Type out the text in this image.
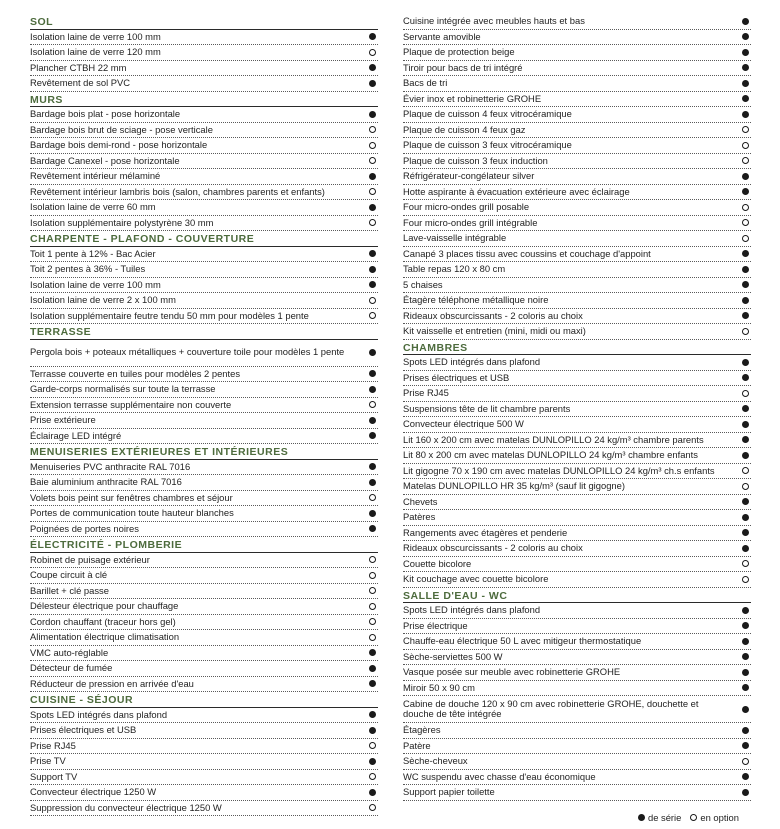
SOL
Isolation laine de verre 100 mm
Isolation laine de verre 120 mm
Plancher CTBH 22 mm
Revêtement de sol PVC
MURS
Bardage bois plat - pose horizontale
Bardage bois brut de sciage - pose verticale
Bardage bois demi-rond - pose horizontale
Bardage Canexel - pose horizontale
Revêtement intérieur mélaminé
Revêtement intérieur lambris bois (salon, chambres parents et enfants)
Isolation laine de verre 60 mm
Isolation supplémentaire polystyrène 30 mm
CHARPENTE - PLAFOND - COUVERTURE
Toit 1 pente à 12% - Bac Acier
Toit 2 pentes à 36% - Tuiles
Isolation laine de verre 100 mm
Isolation laine de verre 2 x 100 mm
Isolation supplémentaire feutre tendu 50 mm pour modèles 1 pente
TERRASSE
Pergola bois + poteaux métalliques + couverture toile pour modèles 1 pente
Terrasse couverte en tuiles pour modèles 2 pentes
Garde-corps normalisés sur toute la terrasse
Extension terrasse supplémentaire non couverte
Prise extérieure
Éclairage LED intégré
MENUISERIES EXTÉRIEURES ET INTÉRIEURES
Menuiseries PVC anthracite RAL 7016
Baie aluminium anthracite RAL 7016
Volets bois peint sur fenêtres chambres et séjour
Portes de communication toute hauteur blanches
Poignées de portes noires
ÉLECTRICITÉ - PLOMBERIE
Robinet de puisage extérieur
Coupe circuit à clé
Barillet + clé passe
Délesteur électrique pour chauffage
Cordon chauffant (traceur hors gel)
Alimentation électrique climatisation
VMC auto-réglable
Détecteur de fumée
Réducteur de pression en arrivée d'eau
CUISINE - SÉJOUR
Spots LED intégrés dans plafond
Prises électriques et USB
Prise RJ45
Prise TV
Support TV
Convecteur électrique 1250 W
Suppression du convecteur électrique 1250 W
Cuisine intégrée avec meubles hauts et bas
Servante amovible
Plaque de protection beige
Tiroir pour bacs de tri intégré
Bacs de tri
Évier inox et robinetterie GROHE
Plaque de cuisson 4 feux vitrocéramique
Plaque de cuisson 4 feux gaz
Plaque de cuisson 3 feux vitrocéramique
Plaque de cuisson 3 feux induction
Réfrigérateur-congélateur silver
Hotte aspirante à évacuation extérieure avec éclairage
Four micro-ondes grill posable
Four micro-ondes grill intégrable
Lave-vaisselle intégrable
Canapé 3 places tissu avec coussins et couchage d'appoint
Table repas 120 x 80 cm
5 chaises
Étagère téléphone métallique noire
Rideaux obscurcissants - 2 coloris au choix
Kit vaisselle et entretien (mini, midi ou maxi)
CHAMBRES
Spots LED intégrés dans plafond
Prises électriques et USB
Prise RJ45
Suspensions tête de lit chambre parents
Convecteur électrique 500 W
Lit 160 x 200 cm avec matelas DUNLOPILLO 24 kg/m³ chambre parents
Lit 80 x 200 cm avec matelas DUNLOPILLO 24 kg/m³ chambre enfants
Lit gigogne 70 x 190 cm avec matelas DUNLOPILLO 24 kg/m³ ch.s enfants
Matelas DUNLOPILLO HR 35 kg/m³ (sauf lit gigogne)
Chevets
Patères
Rangements avec étagères et penderie
Rideaux obscurcissants - 2 coloris au choix
Couette bicolore
Kit couchage avec couette bicolore
SALLE D'EAU - WC
Spots LED intégrés dans plafond
Prise électrique
Chauffe-eau électrique 50 L avec mitigeur thermostatique
Sèche-serviettes 500 W
Vasque posée sur meuble avec robinetterie GROHE
Miroir 50 x 90 cm
Cabine de douche 120 x 90 cm avec robinetterie GROHE, douchette et douche de tête intégrée
Étagères
Patère
Sèche-cheveux
WC suspendu avec chasse d'eau économique
Support papier toilette
de série en option
